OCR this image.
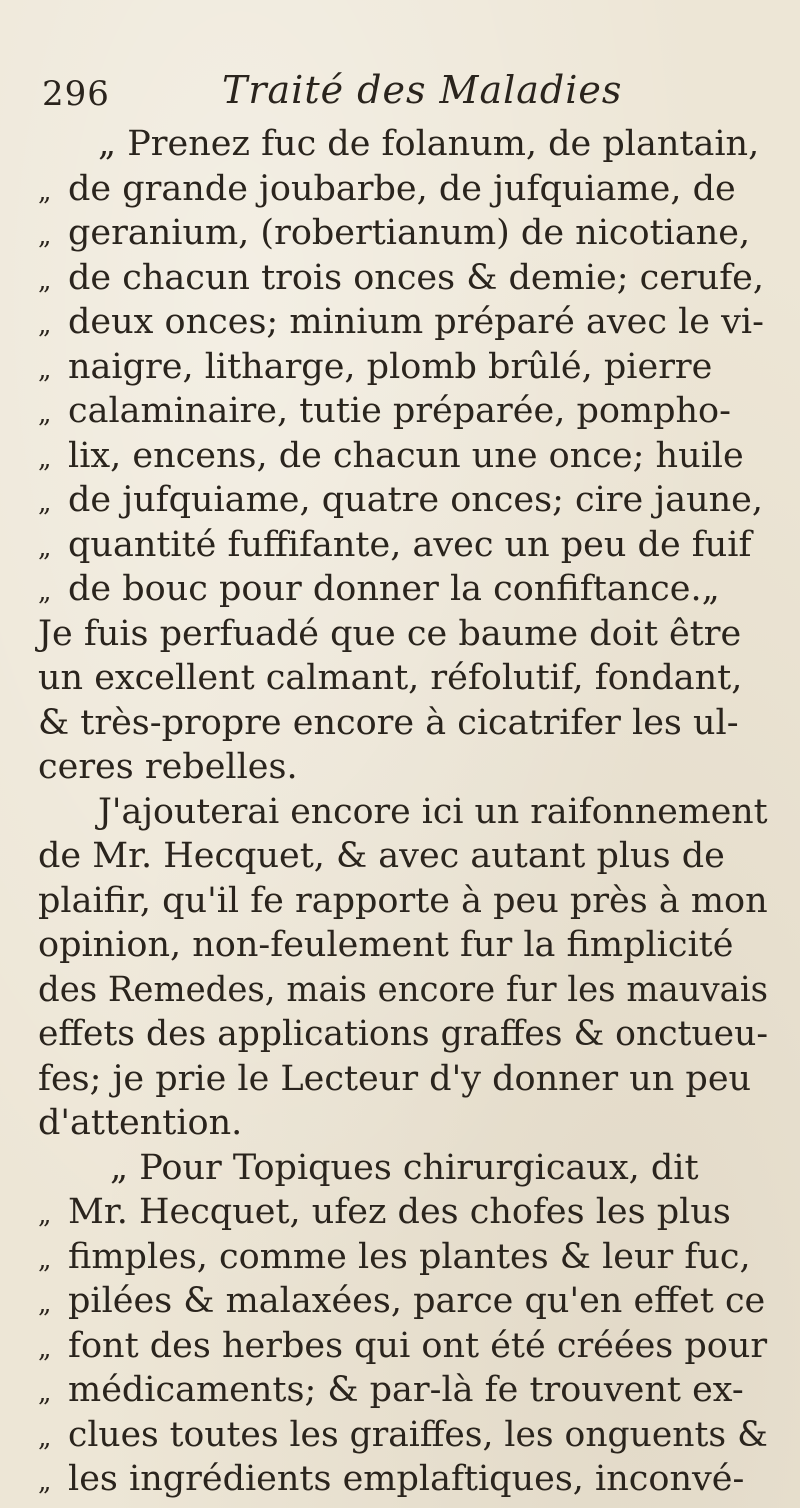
296	Traité des Maladies
„ Prenez fuc de folanum, de plantain,
„ de grande joubarbe, de jufquiame, de
„ geranium, (robertianum) de nicotiane,
„ de chacun trois onces & demie; cerufe,
„ deux onces; minium préparé avec le vi-
„ naigre, litharge, plomb brûlé, pierre
„ calaminaire, tutie préparée, pompho-
„ lix, encens, de chacun une once; huile
„ de jufquiame, quatre onces; cire jaune,
„ quantité fuffifante, avec un peu de fuif
„ de bouc pour donner la confiftance.„
Je fuis perfuadé que ce baume doit être
un excellent calmant, réfolutif, fondant,
& très-propre encore à cicatrifer les ul-
ceres rebelles.
J'ajouterai encore ici un raifonnement
de Mr. Hecquet, & avec autant plus de
plaifir, qu'il fe rapporte à peu près à mon
opinion, non-feulement fur la fimplicité
des Remedes, mais encore fur les mauvais
effets des applications graffes & onctueu-
fes; je prie le Lecteur d'y donner un peu
d'attention.
„ Pour Topiques chirurgicaux, dit
„ Mr. Hecquet, ufez des chofes les plus
„ fimples, comme les plantes & leur fuc,
„ pilées & malaxées, parce qu'en effet ce
„ font des herbes qui ont été créées pour
„ médicaments; & par-là fe trouvent ex-
„ clues toutes les graiffes, les onguents &
„ les ingrédients emplaftiques, inconvé-
